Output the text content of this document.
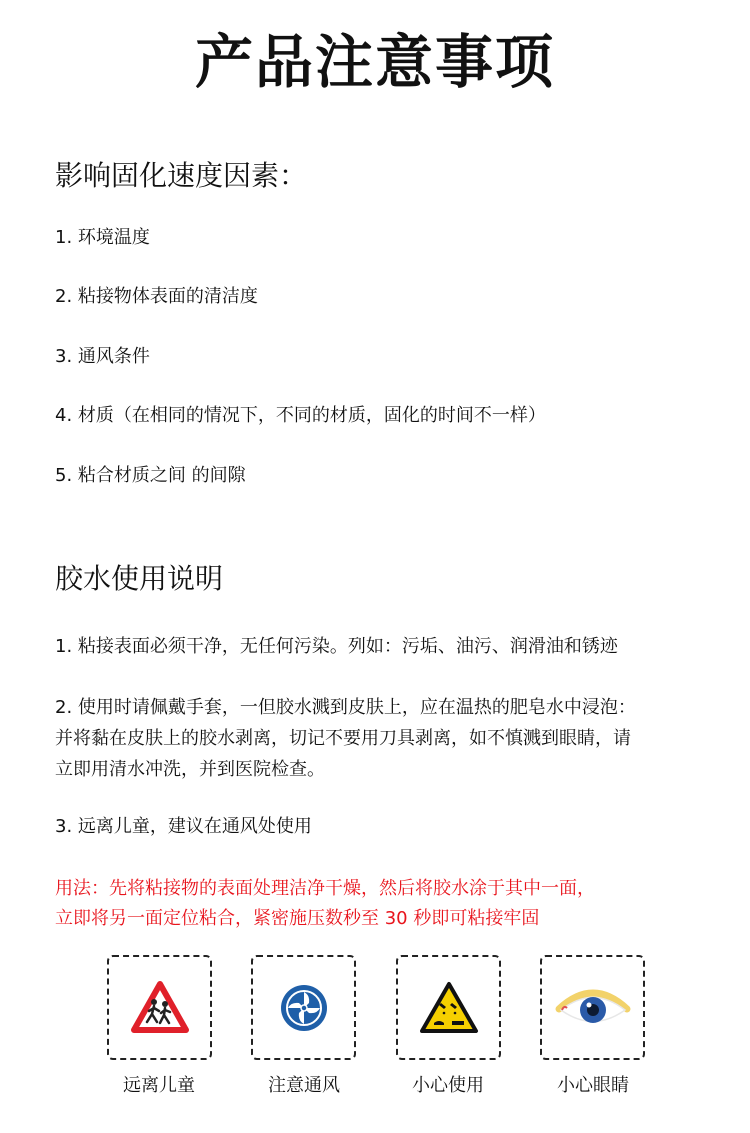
产品注意事项
影响固化速度因素：
1. 环境温度
2. 粘接物体表面的清洁度
3. 通风条件
4. 材质（在相同的情况下，不同的材质，固化的时间不一样）
5. 粘合材质之间 的间隙
胶水使用说明
1. 粘接表面必须干净，无任何污染。列如：污垢、油污、润滑油和锈迹
2. 使用时请佩戴手套，一但胶水溅到皮肤上，应在温热的肥皂水中浸泡：
并将黏在皮肤上的胶水剥离，切记不要用刀具剥离，如不慎溅到眼睛，请
立即用清水冲洗，并到医院检查。
3. 远离儿童，建议在通风处使用
用法：先将粘接物的表面处理洁净干燥，然后将胶水涂于其中一面，
立即将另一面定位粘合，紧密施压数秒至 30 秒即可粘接牢固
远离儿童	注意通风	小心使用	小心眼睛
